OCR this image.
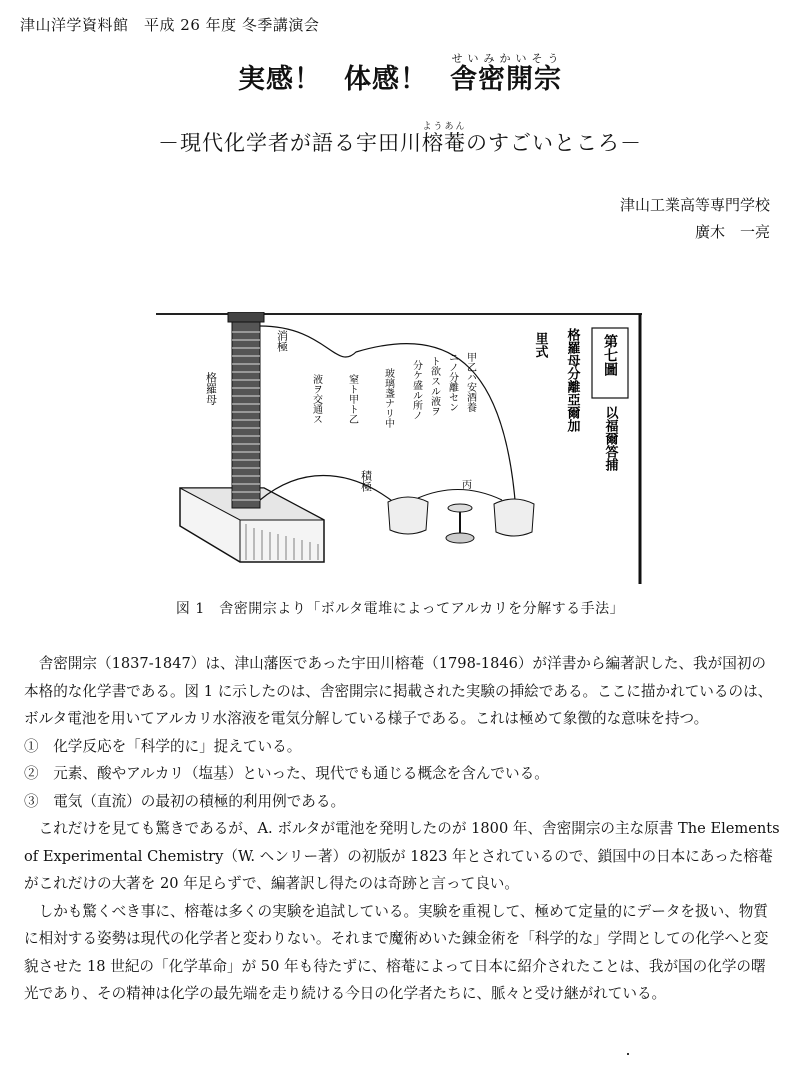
津山洋学資料館　平成 26 年度 冬季講演会
実感！ 体感！ 舎密開宗せいみかいそう
－現代化学者が語る宇田川榕菴ようあんのすごいところ－
津山工業高等専門学校
廣木　一亮
格羅母
消極
積極	丙
甲乙ハ安酒養
ニノ分離セン
ト欲スル液ヲ
分ケ盛ル所ノ
玻璃盞ナリ中
窒ト甲ト乙
液ヲ交通ス
第七圖
以福爾答捕
格羅母分離亞爾加
里式
図 1　舎密開宗より「ボルタ電堆によってアルカリを分解する手法」

舎密開宗（1837-1847）は、津山藩医であった宇田川榕菴（1798-1846）が洋書から編著訳した、我が国初の本格的な化学書である。図 1 に示したのは、舎密開宗に掲載された実験の挿絵である。ここに描かれているのは、ボルタ電池を用いてアルカリ水溶液を電気分解している様子である。これは極めて象徴的な意味を持つ。

①　化学反応を「科学的に」捉えている。

②　元素、酸やアルカリ（塩基）といった、現代でも通じる概念を含んでいる。

③　電気（直流）の最初の積極的利用例である。

これだけを見ても驚きであるが、A. ボルタが電池を発明したのが 1800 年、舎密開宗の主な原書 The Elements of Experimental Chemistry（W. ヘンリー著）の初版が 1823 年とされているので、鎖国中の日本にあった榕菴がこれだけの大著を 20 年足らずで、編著訳し得たのは奇跡と言って良い。

しかも驚くべき事に、榕菴は多くの実験を追試している。実験を重視して、極めて定量的にデータを扱い、物質に相対する姿勢は現代の化学者と変わりない。それまで魔術めいた錬金術を「科学的な」学問としての化学へと変貌させた 18 世紀の「化学革命」が 50 年も待たずに、榕菴によって日本に紹介されたことは、我が国の化学の曙光であり、その精神は化学の最先端を走り続ける今日の化学者たちに、脈々と受け継がれている。
